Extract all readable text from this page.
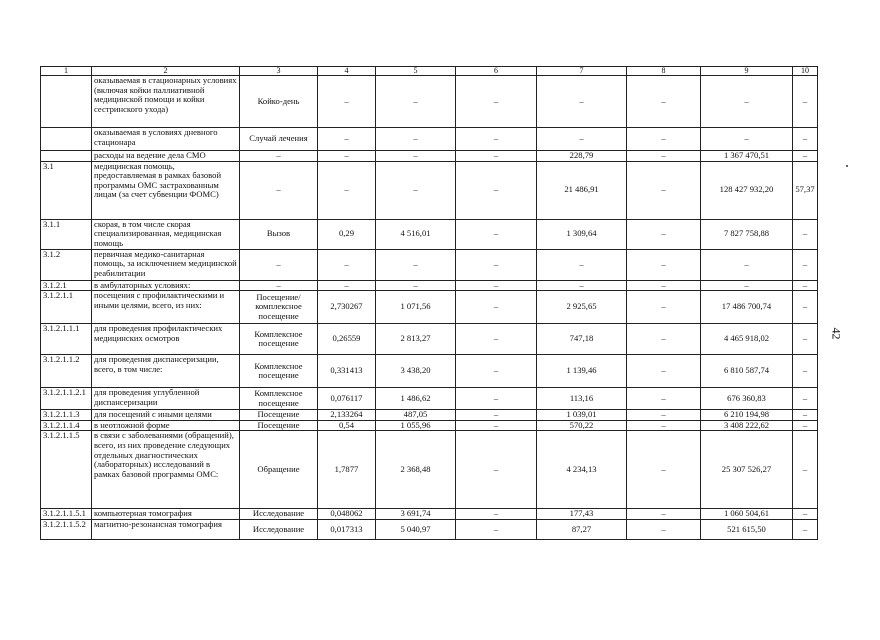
1	2	3	4	5	6	7	8	9	10
	оказываемая в стационарных условиях (включая койки паллиативной медицинской помощи и койки сестринского ухода)	Койко-день	–	–	–	–	–	–	–
	оказываемая в условиях дневного стационара	Случай лечения	–	–	–	–	–	–	–
	расходы на ведение дела СМО	–	–	–	–	228,79	–	1 367 470,51	–
3.1	медицинская помощь, предоставляемая в рамках базовой программы ОМС застрахованным лицам (за счет субвенции ФОМС)	–	–	–	–	21 486,91	–	128 427 932,20	57,37
3.1.1	скорая, в том числе скорая специализированная, медицинская помощь	Вызов	0,29	4 516,01	–	1 309,64	–	7 827 758,88	–
3.1.2	первичная медико-санитарная помощь, за исключением медицинской реабилитации	–	–	–	–	–	–	–	–
3.1.2.1	в амбулаторных условиях:	–	–	–	–	–	–	–	–
3.1.2.1.1	посещения с профилактическими и иными целями, всего, из них:	Посещение/ комплексное посещение	2,730267	1 071,56	–	2 925,65	–	17 486 700,74	–
3.1.2.1.1.1	для проведения профилактических медицинских осмотров	Комплексное посещение	0,26559	2 813,27	–	747,18	–	4 465 918,02	–
3.1.2.1.1.2	для проведения диспансеризации, всего, в том числе:	Комплексное посещение	0,331413	3 438,20	–	1 139,46	–	6 810 587,74	–
3.1.2.1.1.2.1	для проведения углубленной диспансеризации	Комплексное посещение	0,076117	1 486,62	–	113,16	–	676 360,83	–
3.1.2.1.1.3	для посещений с иными целями	Посещение	2,133264	487,05	–	1 039,01	–	6 210 194,98	–
3.1.2.1.1.4	в неотложной форме	Посещение	0,54	1 055,96	–	570,22	–	3 408 222,62	–
3.1.2.1.1.5	в связи с заболеваниями (обращений), всего, из них проведение следующих отдельных диагностических (лабораторных) исследований в рамках базовой программы ОМС:	Обращение	1,7877	2 368,48	–	4 234,13	–	25 307 526,27	–
3.1.2.1.1.5.1	компьютерная томография	Исследование	0,048062	3 691,74	–	177,43	–	1 060 504,61	–
3.1.2.1.1.5.2	магнитно-резонансная томография	Исследование	0,017313	5 040,97	–	87,27	–	521 615,50	–
42
